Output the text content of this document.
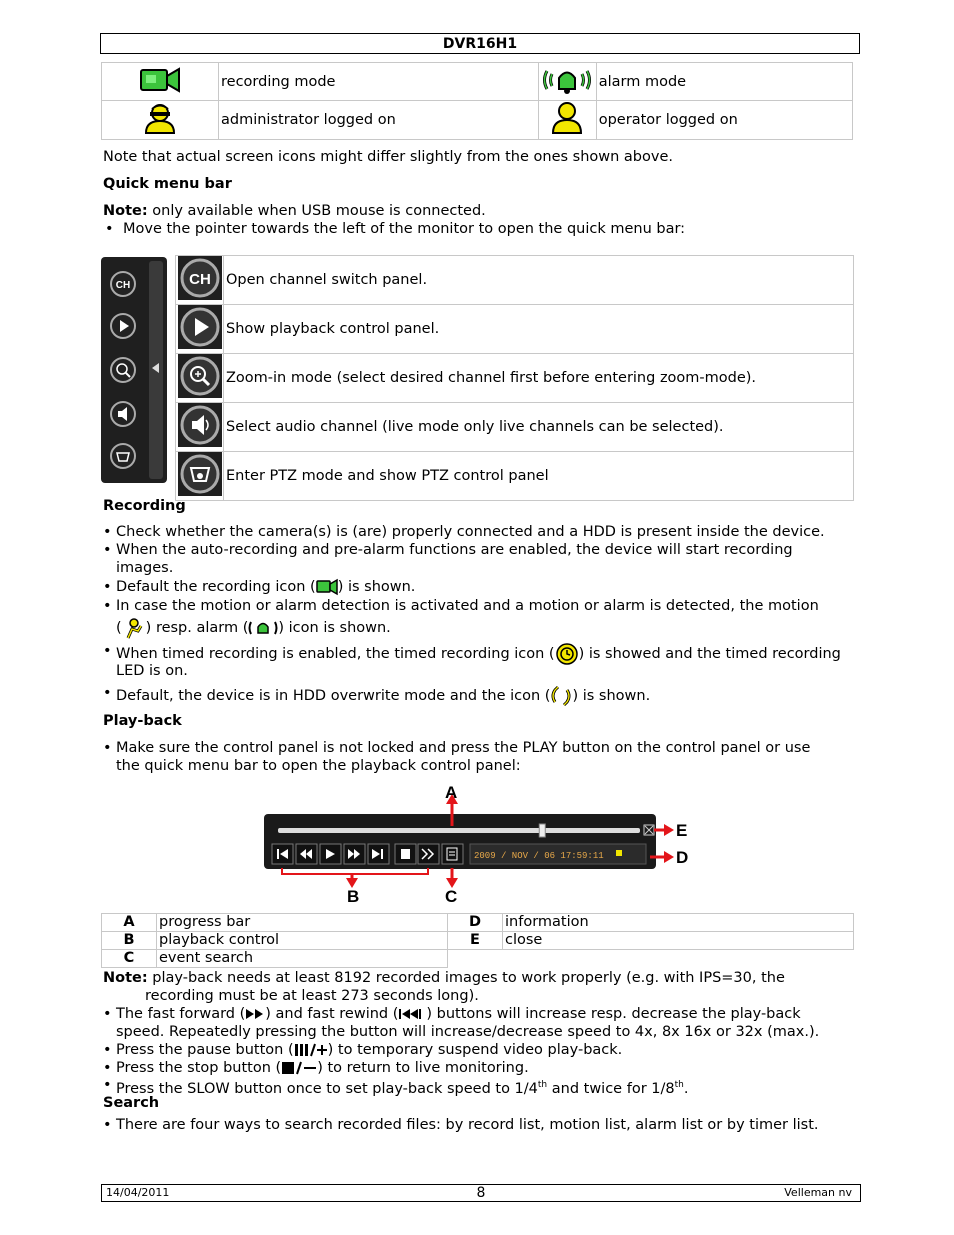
DVR16H1
	recording mode		alarm mode
	administrator logged on		operator logged on

Note that actual screen icons might differ slightly from the ones shown above.

Quick menu bar

Note: only available when USB mouse is connected.

• Move the pointer towards the left of the monitor to open the quick menu bar:
CH	CH	Open channel switch panel.
	Show playback control panel.
	Zoom-in mode (select desired channel first before entering zoom-mode).
	Select audio channel (live mode only live channels can be selected).
	Enter PTZ mode and show PTZ control panel

Recording

• Check whether the camera(s) is (are) properly connected and a HDD is present inside the device.
• When the auto-recording and pre-alarm functions are enabled, the device will start recording images.
• Default the recording icon ( ) is shown.
• In case the motion or alarm detection is activated and a motion or alarm is detected, the motion
( ) resp. alarm ( ) icon is shown.
• When timed recording is enabled, the timed recording icon ( ) is showed and the timed recording
LED is on.
• Default, the device is in HDD overwrite mode and the icon ( ) is shown.

Play-back

• Make sure the control panel is not locked and press the PLAY button on the control panel or use
the quick menu bar to open the playback control panel:
2009 / NOV / 06 17:59:11
A
B	C
D
E
A	progress bar	D	information
B	playback control	E	close
C	event search		

Note: play-back needs at least 8192 recorded images to work properly (e.g. with IPS=30, the
recording must be at least 273 seconds long).

• The fast forward ( ) and fast rewind ( ) buttons will increase resp. decrease the play-back
speed. Repeatedly pressing the button will increase/decrease speed to 4x, 8x 16x or 32x (max.).
• Press the pause button ( ) to temporary suspend video play-back.
• Press the stop button ( ) to return to live monitoring.
• Press the SLOW button once to set play-back speed to 1/4th and twice for 1/8th.

Search

• There are four ways to search recorded files: by record list, motion list, alarm list or by timer list.
14/04/2011	8	Velleman nv
